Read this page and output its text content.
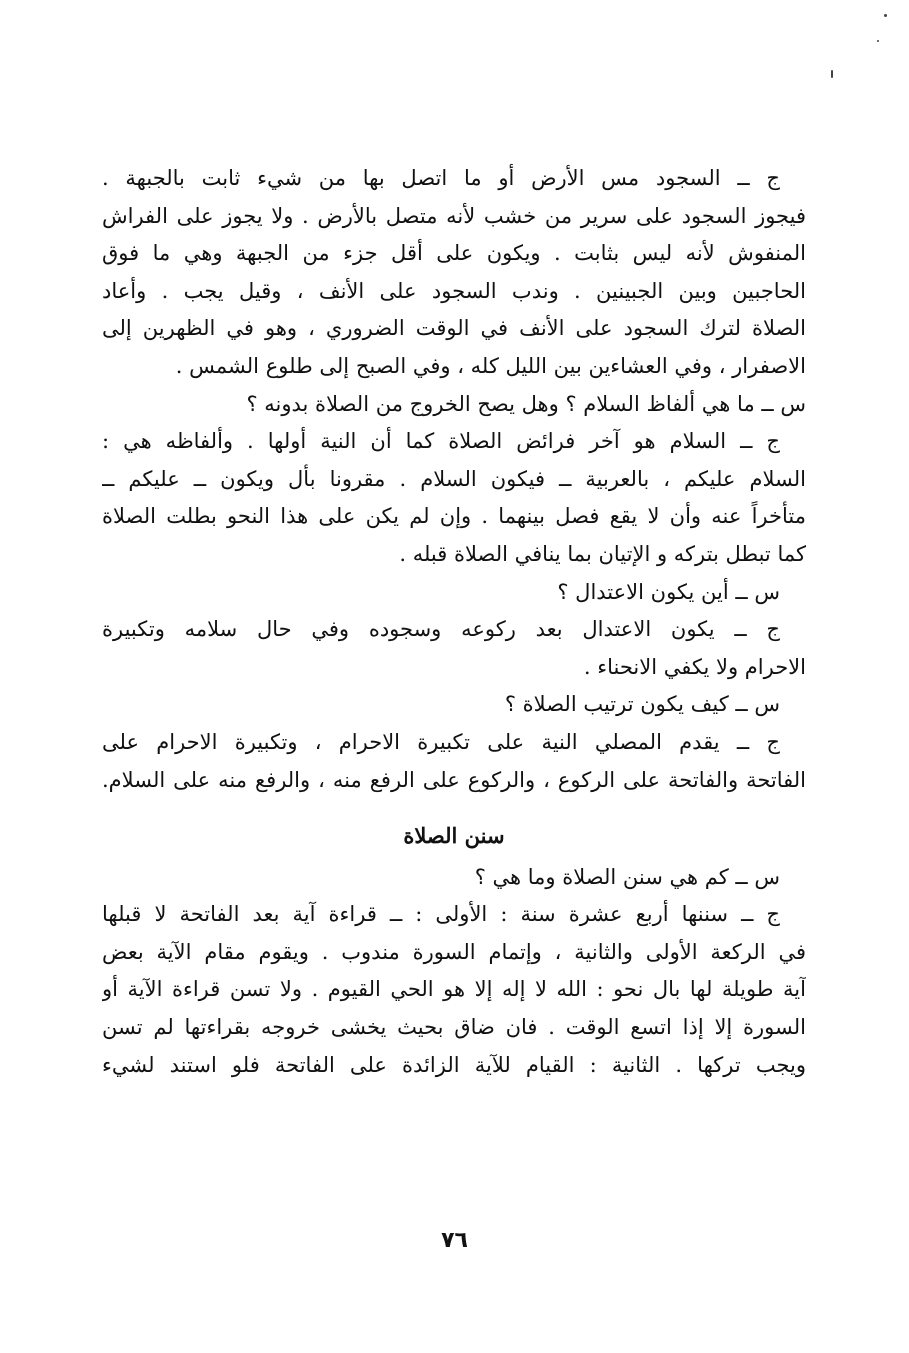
ج ــ السجود مس الأرض أو ما اتصل بها من شيء ثابت بالجبهة .
فيجوز السجود على سرير من خشب لأنه متصل بالأرض . ولا يجوز على الفراش
المنفوش لأنه ليس بثابت . ويكون على أقل جزء من الجبهة وهي ما فوق
الحاجبين وبين الجبينين . وندب السجود على الأنف ، وقيل يجب . وأعاد
الصلاة لترك السجود على الأنف في الوقت الضروري ، وهو في الظهرين إلى
الاصفرار ، وفي العشاءين بين الليل كله ، وفي الصبح إلى طلوع الشمس .
س ــ ما هي ألفاظ السلام ؟ وهل يصح الخروج من الصلاة بدونه ؟
ج ــ السلام هو آخر فرائض الصلاة كما أن النية أولها . وألفاظه هي :
السلام عليكم ، بالعربية ــ فيكون السلام . مقرونا بأل ويكون ــ عليكم ــ
متأخراً عنه وأن لا يقع فصل بينهما . وإن لم يكن على هذا النحو بطلت الصلاة
كما تبطل بتركه و الإتيان بما ينافي الصلاة قبله .
س ــ أين يكون الاعتدال ؟
ج ــ يكون الاعتدال بعد ركوعه وسجوده وفي حال سلامه وتكبيرة
الاحرام ولا يكفي الانحناء .
س ــ كيف يكون ترتيب الصلاة ؟
ج ــ يقدم المصلي النية على تكبيرة الاحرام ، وتكبيرة الاحرام على
الفاتحة والفاتحة على الركوع ، والركوع على الرفع منه ، والرفع منه على السلام.
سنن الصلاة
س ــ كم هي سنن الصلاة وما هي ؟
ج ــ سننها أربع عشرة سنة : الأولى : ــ قراءة آية بعد الفاتحة لا قبلها
في الركعة الأولى والثانية ، وإتمام السورة مندوب . ويقوم مقام الآية بعض
آية طويلة لها بال نحو : الله لا إله إلا هو الحي القيوم . ولا تسن قراءة الآية أو
السورة إلا إذا اتسع الوقت . فان ضاق بحيث يخشى خروجه بقراءتها لم تسن
ويجب تركها . الثانية : القيام للآية الزائدة على الفاتحة فلو استند لشيء
٧٦
